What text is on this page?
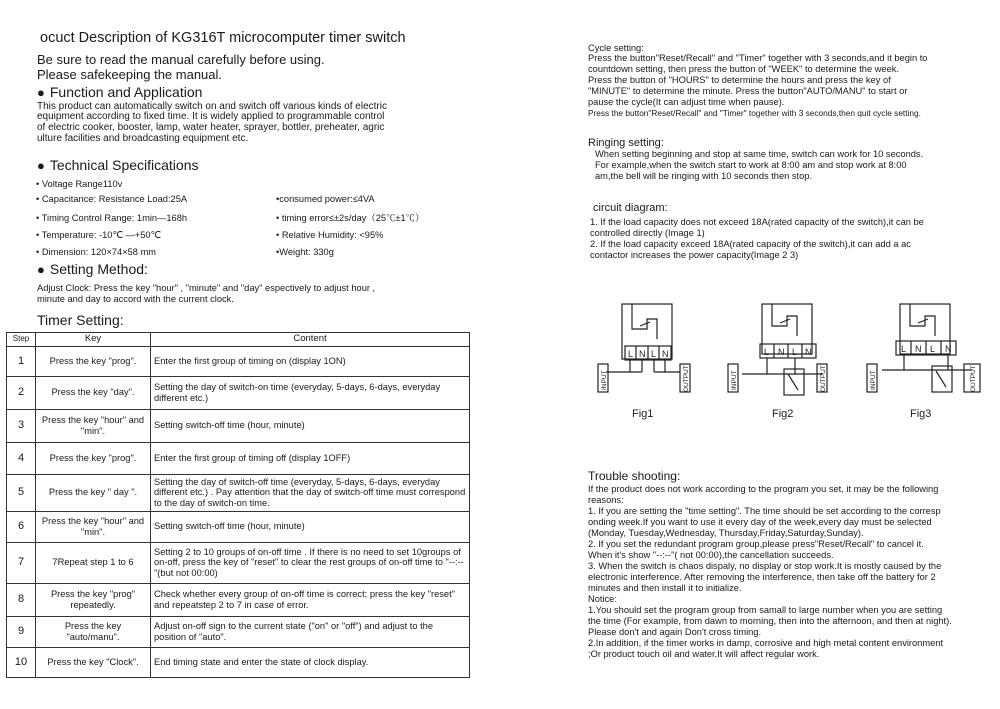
ocuct Description of KG316T microcomputer timer switch
Be sure to read the manual carefully before using.
Please safekeeping the manual.
● Function and Application
This product can automatically switch on and switch off various kinds of electric
equipment according to fixed time. It is widely applied to programmable control
of electric cooker, booster, lamp, water heater, sprayer, bottler, preheater, agric
ulture facilities and broadcasting equipment etc.
● Technical Specifications
• Voltage Range110v
• Capacitance: Resistance Load:25A	•consumed power:≤4VA
• Timing Control Range: 1min—168h	• timing error≤±2s/day（25℃±1℃）
• Temperature: -10℃ —+50℃	• Relative Humidity: <95%
• Dimension: 120×74×58 mm	•Weight: 330g
● Setting Method:
Adjust Clock: Press the key "hour" , "minute" and "day" espectively to adjust hour ,
minute and day to accord with the current clock.
Timer Setting:
Step	Key	Content
1	Press the key "prog".	Enter the first group of timing on (display 1ON)
2	Press the key "day".	Setting the day of switch-on time (everyday, 5-days, 6-days, everyday different etc.)
3	Press the key "hour" and "min".	Setting switch-off time (hour, minute)
4	Press the key "prog".	Enter the first group of timing off (display 1OFF)
5	Press the key " day ".	Setting the day of switch-off time (everyday, 5-days, 6-days, everyday different etc.) . Pay attention that the day of switch-off time must correspond to the day of switch-on time.
6	Press the key "hour" and "min".	Setting switch-off time (hour, minute)
7	7Repeat step 1 to 6	Setting 2 to 10 groups of on-off time . If there is no need to set 10groups of on-off, press the key of "reset" to clear the rest groups of on-off time to "--:--"(but not 00:00)
8	Press the key "prog" repeatedly.	Check whether every group of on-off time is correct; press the key "reset" and repeatstep 2 to 7 in case of error.
9	Press the key "auto/manu".	Adjust on-off sign to the current state ("on" or "off") and adjust to the position of "auto".
10	Press the key "Clock".	End timing state and enter the state of clock display.
Cycle setting:
Press the button"Reset/Recall" and "Timer" together with 3 seconds,and it begin to
countdown setting, then press the button of "WEEK" to determine the week.
Press the button of "HOURS" to determine the hours and press the key of
"MINUTE" to determine the minute. Press the button"AUTO/MANU" to start or
pause the cycle(It can adjust time when pause).
Press the button"Reset/Recall" and "Timer" together with 3 seconds,then quit cycle setting.
Ringing setting:
When setting beginning and stop at same time, switch can work for 10 seconds.
For example,when the switch start to work at 8:00 am and stop work at 8:00
am,the bell will be ringing with 10 seconds then stop.
circuit diagram:
1. If the load capacity does not exceed 18A(rated capacity of the switch),it can be
controlled directly (Image 1)
2. If the load capacity exceed 18A(rated capacity of the switch),it can add a ac
contactor increases the power capacity(Image 2 3)
L N L N	L N L N	L N L N
Fig1	Fig2	Fig3
INPUT	OUTPUT	INPUT	OUTPUT	INPUT	OUTPUT
Trouble shooting:
If the product does not work according to the program you set, it may be the following
reasons:
1. If you are setting the "time setting". The time should be set according to the corresp
onding week.If you want to use it every day of the week,every day must be selected
(Monday, Tuesday,Wednesday, Thursday,Friday,Saturday,Sunday).
2. If you set the redundant program group,please press"Reset/Recall" to cancel it.
When it's show "--:--"( not 00:00),the cancellation succeeds.
3. When the switch is chaos dispaly, no display or stop work.It is mostly caused by the
electronic interference. After removing the interference, then take off the battery for 2
minutes and then install it to initialize.
Notice:
1.You should set the program group from samall to large number when you are setting
the time (For example, from dawn to morning, then into the afternoon, and then at night).
Please don't and again Don't cross timing.
2.In addition, if the timer works in damp, corrosive and high metal content environment
;Or product touch oil and water,It will affect regular work.
